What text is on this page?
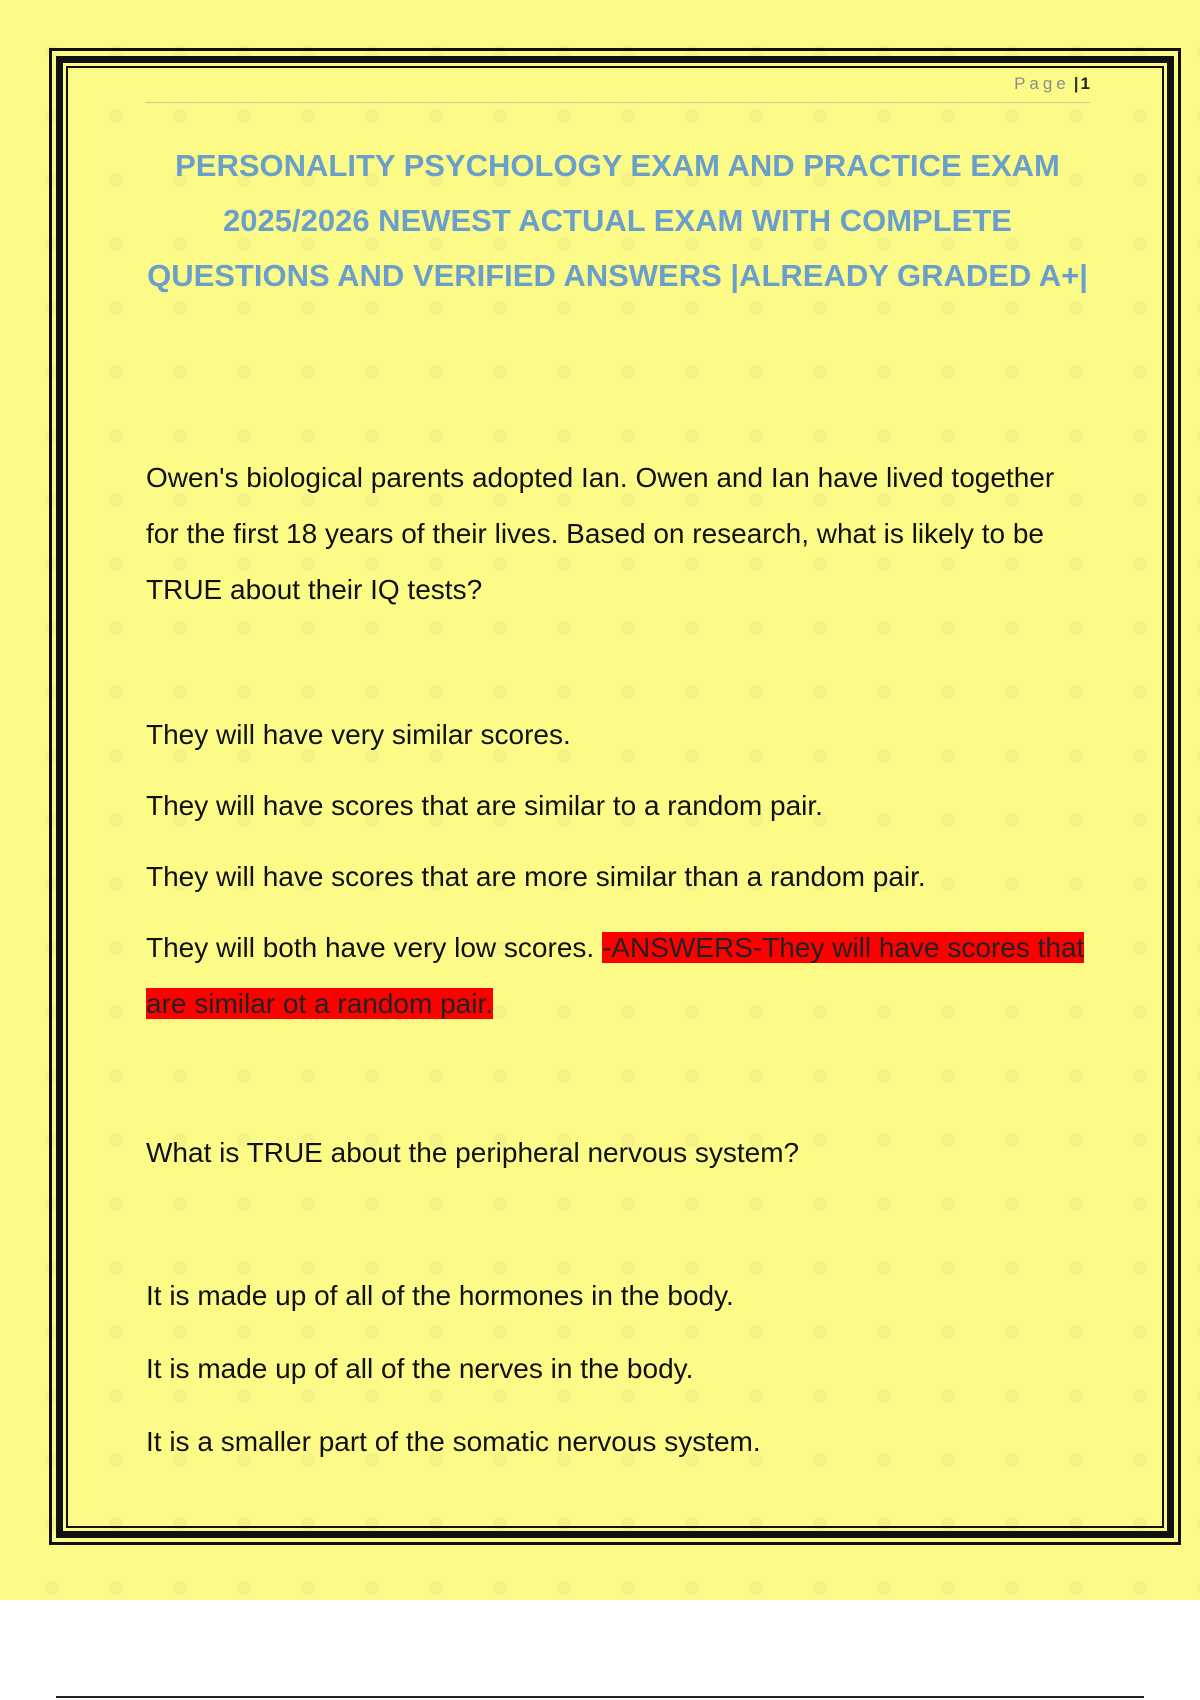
Page | 1
PERSONALITY PSYCHOLOGY EXAM AND PRACTICE EXAM 2025/2026 NEWEST ACTUAL EXAM WITH COMPLETE QUESTIONS AND VERIFIED ANSWERS |ALREADY GRADED A+|

Owen's biological parents adopted Ian. Owen and Ian have lived together for the first 18 years of their lives. Based on research, what is likely to be TRUE about their IQ tests?

They will have very similar scores.

They will have scores that are similar to a random pair.

They will have scores that are more similar than a random pair.

They will both have very low scores. -ANSWERS-They will have scores that are similar ot a random pair.

What is TRUE about the peripheral nervous system?

It is made up of all of the hormones in the body.

It is made up of all of the nerves in the body.

It is a smaller part of the somatic nervous system.
